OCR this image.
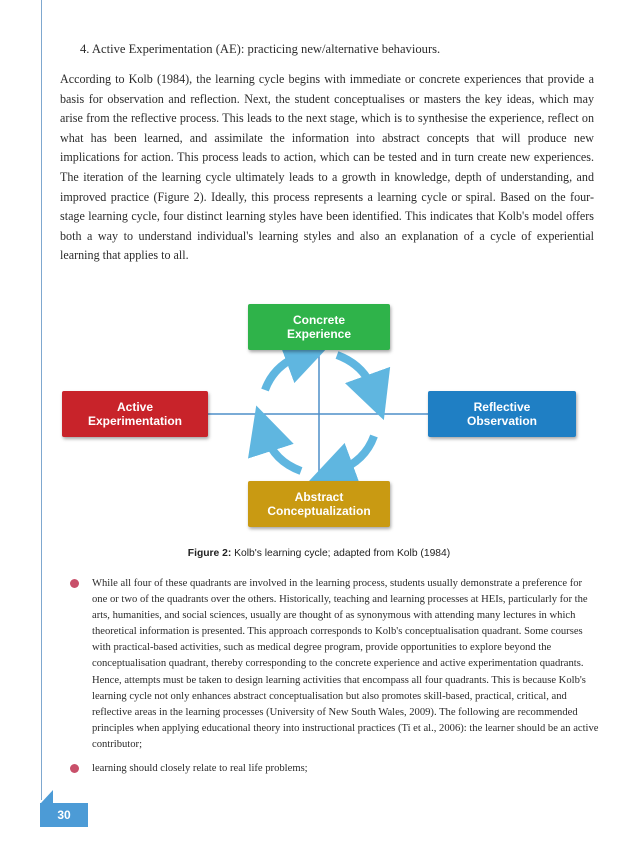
30
4. Active Experimentation (AE): practicing new/alternative behaviours.

According to Kolb (1984), the learning cycle begins with immediate or concrete experiences that provide a basis for observation and reflection. Next, the student conceptualises or masters the key ideas, which may arise from the reflective process. This leads to the next stage, which is to synthesise the experience, reflect on what has been learned, and assimilate the information into abstract concepts that will produce new implications for action. This process leads to action, which can be tested and in turn create new experiences. The iteration of the learning cycle ultimately leads to a growth in knowledge, depth of understanding, and improved practice (Figure 2). Ideally, this process represents a learning cycle or spiral. Based on the four-stage learning cycle, four distinct learning styles have been identified. This indicates that Kolb's model offers both a way to understand individual's learning styles and also an explanation of a cycle of experiential learning that applies to all.

Concrete
Experience
Reflective
Observation
Abstract
Conceptualization
Active
Experimentation
Figure 2: Kolb's learning cycle; adapted from Kolb (1984)
While all four of these quadrants are involved in the learning process, students usually demonstrate a preference for one or two of the quadrants over the others. Historically, teaching and learning processes at HEIs, particularly for the arts, humanities, and social sciences, usually are thought of as synonymous with attending many lectures in which theoretical information is presented. This approach corresponds to Kolb's conceptualisation quadrant. Some courses with practical-based activities, such as medical degree program, provide opportunities to explore beyond the conceptualisation quadrant, thereby corresponding to the concrete experience and active experimentation quadrants. Hence, attempts must be taken to design learning activities that encompass all four quadrants. This is because Kolb's learning cycle not only enhances abstract conceptualisation but also promotes skill-based, practical, critical, and reflective areas in the learning processes (University of New South Wales, 2009). The following are recommended principles when applying educational theory into instructional practices (Ti et al., 2006): the learner should be an active contributor;
learning should closely relate to real life problems;
